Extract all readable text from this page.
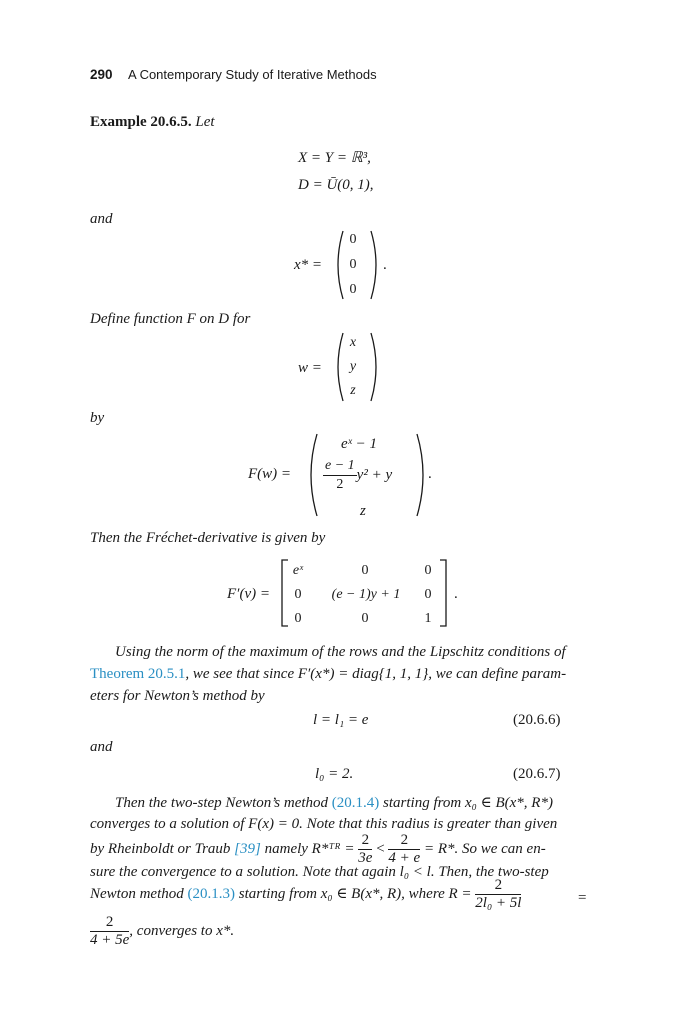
290 A Contemporary Study of Iterative Methods
Example 20.6.5. Let
X = Y = ℝ³,
D = Ū(0, 1),
and
x* =
0
0
0
.
Define function F on D for
w =
x
y
z
by
F(w) =
eˣ − 1
$\frac{e - 1}{2} y^2 + y$
z
.
Then the Fréchet-derivative is given by
F′(v) =
eˣ	0	0
0	(e − 1)y + 1	0
0	0	1
.
Using the norm of the maximum of the rows and the Lipschitz conditions of
Theorem 20.5.1, we see that since F′(x*) = diag{1, 1, 1}, we can define param-
eters for Newton’s method by
l = l₁ = e	(20.6.6)
and
l₀ = 2.	(20.6.7)
Then the two-step Newton’s method (20.1.4) starting from x₀ ∈ B(x*, R*)
converges to a solution of F(x) = 0. Note that this radius is greater than given
by Rheinboldt or Traub [39] namely R*ᵀᴿ = $\frac{2}{3e} < \frac{2}{4 + e} = R*$. So we can en-
sure the convergence to a solution. Note that again l₀ < l. Then, the two-step
Newton method (20.1.3) starting from x₀ ∈ B(x*, R), where $R = \frac{2}{\text{2l₀ + 5l}}$	=
$\frac{2}{4 + 5e}$ , converges to x*.
